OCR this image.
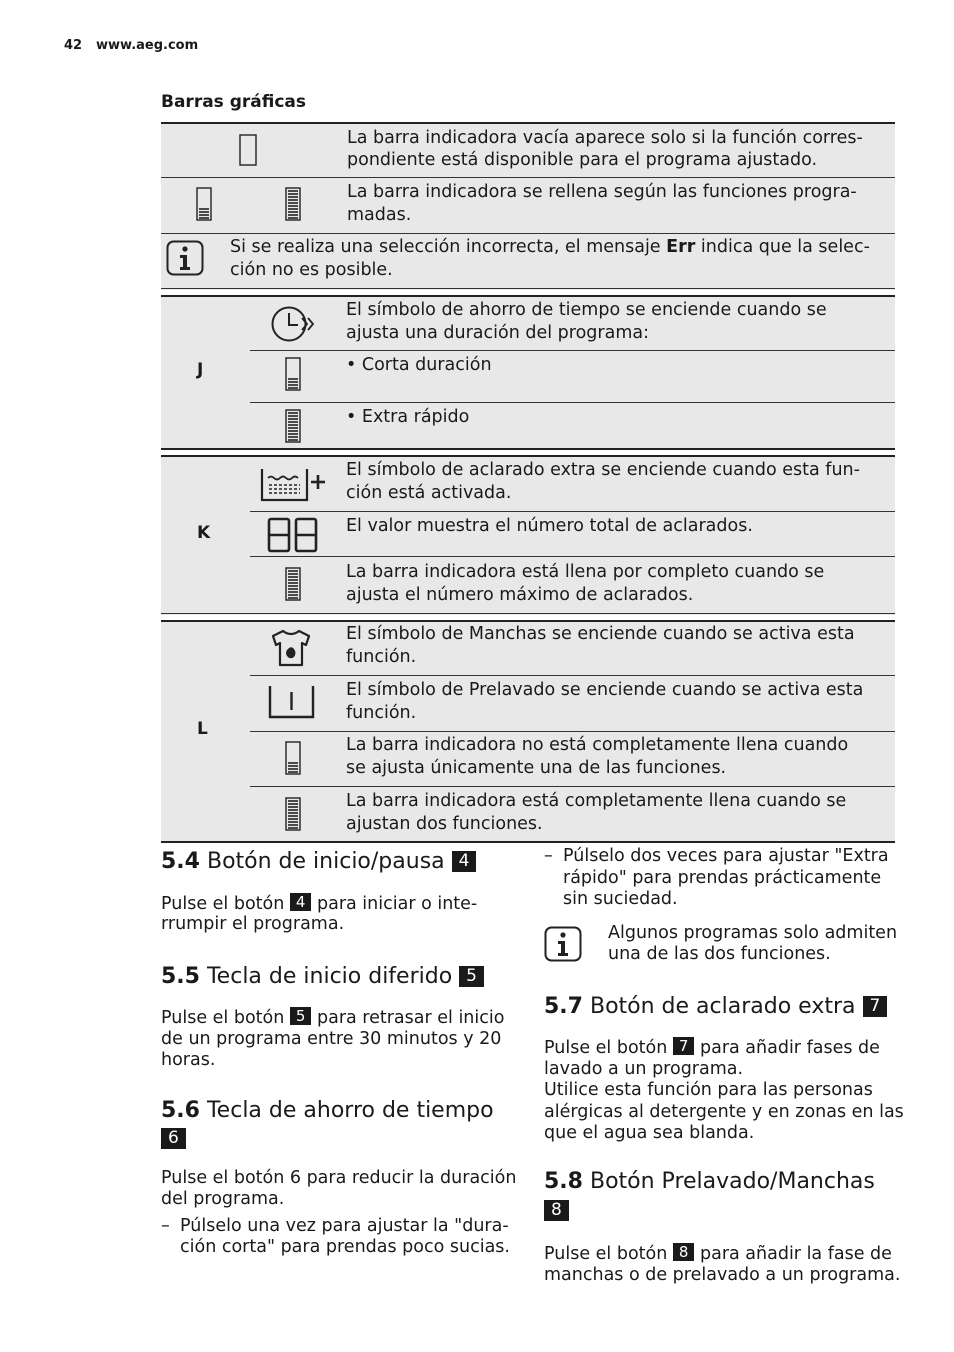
42 www.aeg.com
Barras gráficas
La barra indicadora vacía aparece solo si la función corres-
pondiente está disponible para el programa ajustado.
La barra indicadora se rellena según las funciones progra-
madas.
Si se realiza una selección incorrecta, el mensaje Err indica que la selec-
ción no es posible.
J
El símbolo de ahorro de tiempo se enciende cuando se
ajusta una duración del programa:
• Corta duración
• Extra rápido
K
El símbolo de aclarado extra se enciende cuando esta fun-
ción está activada.
El valor muestra el número total de aclarados.
La barra indicadora está llena por completo cuando se
ajusta el número máximo de aclarados.
L
El símbolo de Manchas se enciende cuando se activa esta
función.
El símbolo de Prelavado se enciende cuando se activa esta
función.
La barra indicadora no está completamente llena cuando
se ajusta únicamente una de las funciones.
La barra indicadora está completamente llena cuando se
ajustan dos funciones.
5.4 Botón de inicio/pausa 4
Pulse el botón 4 para iniciar o inte-
rrumpir el programa.
5.5 Tecla de inicio diferido 5
Pulse el botón 5 para retrasar el inicio
de un programa entre 30 minutos y 20
horas.
5.6 Tecla de ahorro de tiempo
6
Pulse el botón 6 para reducir la duración
del programa.
– Púlselo una vez para ajustar la "dura-
ción corta" para prendas poco sucias.
– Púlselo dos veces para ajustar "Extra
rápido" para prendas prácticamente
sin suciedad.
Algunos programas solo admiten
una de las dos funciones.
5.7 Botón de aclarado extra 7
Pulse el botón 7 para añadir fases de
lavado a un programa.
Utilice esta función para las personas
alérgicas al detergente y en zonas en las
que el agua sea blanda.
5.8 Botón Prelavado/Manchas
8
Pulse el botón 8 para añadir la fase de
manchas o de prelavado a un programa.
